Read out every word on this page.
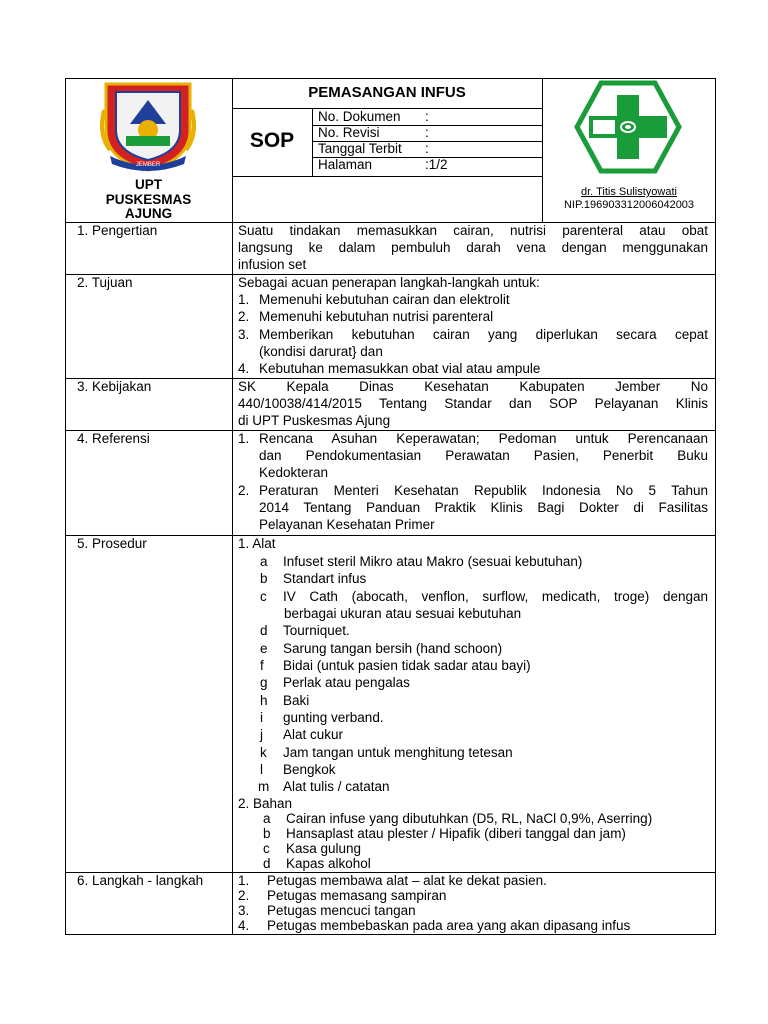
JEMBER
UPT
PUSKESMAS
AJUNG
PEMASANGAN INFUS
SOP
No. Dokumen :
No. Revisi	:
Tanggal Terbit :
Halaman	:1/2
dr. Titis Sulistyowati
NIP.196903312006042003
1. Pengertian	Suatu tindakan memasukkan cairan, nutrisi parenteral atau obat
langsung ke dalam pembuluh darah vena dengan menggunakan
infusion set
2. Tujuan	Sebagai acuan penerapan langkah-langkah untuk:
1. Memenuhi kebutuhan cairan dan elektrolit
2. Memenuhi kebutuhan nutrisi parenteral
3. Memberikan kebutuhan cairan yang diperlukan secara cepat
(kondisi darurat} dan
4. Kebutuhan memasukkan obat vial atau ampule
3. Kebijakan	SK Kepala Dinas Kesehatan Kabupaten Jember No
440/10038/414/2015 Tentang Standar dan SOP Pelayanan Klinis
di UPT Puskesmas Ajung
4. Referensi	1. Rencana Asuhan Keperawatan; Pedoman untuk Perencanaan
dan Pendokumentasian Perawatan Pasien, Penerbit Buku
Kedokteran
2. Peraturan Menteri Kesehatan Republik Indonesia No 5 Tahun
2014 Tentang Panduan Praktik Klinis Bagi Dokter di Fasilitas
Pelayanan Kesehatan Primer
5. Prosedur	1. Alat
a Infuset steril Mikro atau Makro (sesuai kebutuhan)
b Standart infus
c IV Cath (abocath, venflon, surflow, medicath, troge) dengan
berbagai ukuran atau sesuai kebutuhan
d Tourniquet.
e Sarung tangan bersih (hand schoon)
f Bidai (untuk pasien tidak sadar atau bayi)
g Perlak atau pengalas
h Baki
i gunting verband.
j Alat cukur
k Jam tangan untuk menghitung tetesan
l Bengkok
m Alat tulis / catatan
2. Bahan
a Cairan infuse yang dibutuhkan (D5, RL, NaCl 0,9%, Aserring)
b Hansaplast atau plester / Hipafik (diberi tanggal dan jam)
c Kasa gulung
d Kapas alkohol
6. Langkah - langkah	1. Petugas membawa alat – alat ke dekat pasien.
2. Petugas memasang sampiran
3. Petugas mencuci tangan
4. Petugas membebaskan pada area yang akan dipasang infus
